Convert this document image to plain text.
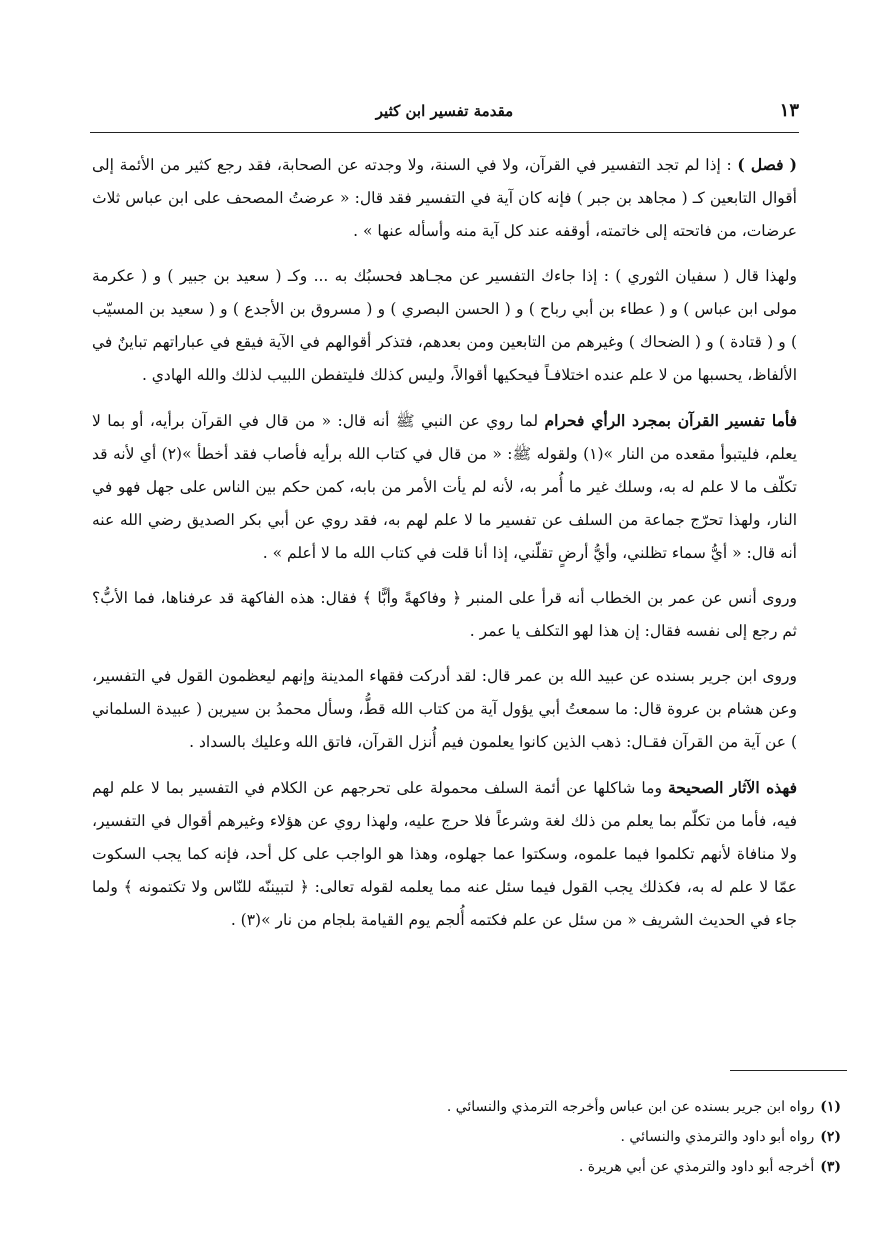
١٣
مقدمة تفسير ابن كثير

( فصل ) : إذا لم تجد التفسير في القرآن، ولا في السنة، ولا وجدته عن الصحابة، فقد رجع كثير من الأئمة إلى أقوال التابعين كـ ( مجاهد بن جبر ) فإنه كان آية في التفسير فقد قال: « عرضتُ المصحف على ابن عباس ثلاث عرضات، من فاتحته إلى خاتمته، أوقفه عند كل آية منه وأسأله عنها » .

ولهذا قال ( سفيان الثوري ) : إذا جاءك التفسير عن مجـاهد فحسبُك به ... وكـ ( سعيد بن جبير ) و ( عكرمة مولى ابن عباس ) و ( عطاء بن أبي رباح ) و ( الحسن البصري ) و ( مسروق بن الأجدع ) و ( سعيد بن المسيّب ) و ( قتادة ) و ( الضحاك ) وغيرهم من التابعين ومن بعدهم، فتذكر أقوالهم في الآية فيقع في عباراتهم تباينٌ في الألفاظ، يحسبها من لا علم عنده اختلافـاً فيحكيها أقوالاً، وليس كذلك فليتفطن اللبيب لذلك والله الهادي .

فأما تفسير القرآن بمجرد الرأي فحرام لما روي عن النبي ﷺ أنه قال: « من قال في القرآن برأيه، أو بما لا يعلم، فليتبوأ مقعده من النار »(١) ولقوله ﷺ: « من قال في كتاب الله برأيه فأصاب فقد أخطأ »(٢) أي لأنه قد تكلّف ما لا علم له به، وسلك غير ما أُمر به، لأنه لم يأت الأمر من بابه، كمن حكم بين الناس على جهل فهو في النار، ولهذا تحرّج جماعة من السلف عن تفسير ما لا علم لهم به، فقد روي عن أبي بكر الصديق رضي الله عنه أنه قال: « أيُّ سماء تظلني، وأيُّ أرضٍ تقلّني، إذا أنا قلت في كتاب الله ما لا أعلم » .

وروى أنس عن عمر بن الخطاب أنه قرأ على المنبر ﴿ وفاكهةً وأبًّا ﴾ فقال: هذه الفاكهة قد عرفناها، فما الأبُّ؟ ثم رجع إلى نفسه فقال: إن هذا لهو التكلف يا عمر .

وروى ابن جرير بسنده عن عبيد الله بن عمر قال: لقد أدركت فقهاء المدينة وإنهم ليعظمون القول في التفسير، وعن هشام بن عروة قال: ما سمعتُ أبي يؤول آية من كتاب الله قطُّ، وسأل محمدُ بن سيرين ( عبيدة السلماني ) عن آية من القرآن فقـال: ذهب الذين كانوا يعلمون فيم أُنزل القرآن، فاتق الله وعليك بالسداد .

فهذه الآثار الصحيحة وما شاكلها عن أئمة السلف محمولة على تحرجهم عن الكلام في التفسير بما لا علم لهم فيه، فأما من تكلّم بما يعلم من ذلك لغة وشرعاً فلا حرج عليه، ولهذا روي عن هؤلاء وغيرهم أقوال في التفسير، ولا منافاة لأنهم تكلموا فيما علموه، وسكتوا عما جهلوه، وهذا هو الواجب على كل أحد، فإنه كما يجب السكوت عمّا لا علم له به، فكذلك يجب القول فيما سئل عنه مما يعلمه لقوله تعالى: ﴿ لتبيننّه للنّاس ولا تكتمونه ﴾ ولما جاء في الحديث الشريف « من سئل عن علم فكتمه أُلجم يوم القيامة بلجام من نار »(٣) .

(١)رواه ابن جرير بسنده عن ابن عباس وأخرجه الترمذي والنسائي .
(٢)رواه أبو داود والترمذي والنسائي .
(٣)أخرجه أبو داود والترمذي عن أبي هريرة .
